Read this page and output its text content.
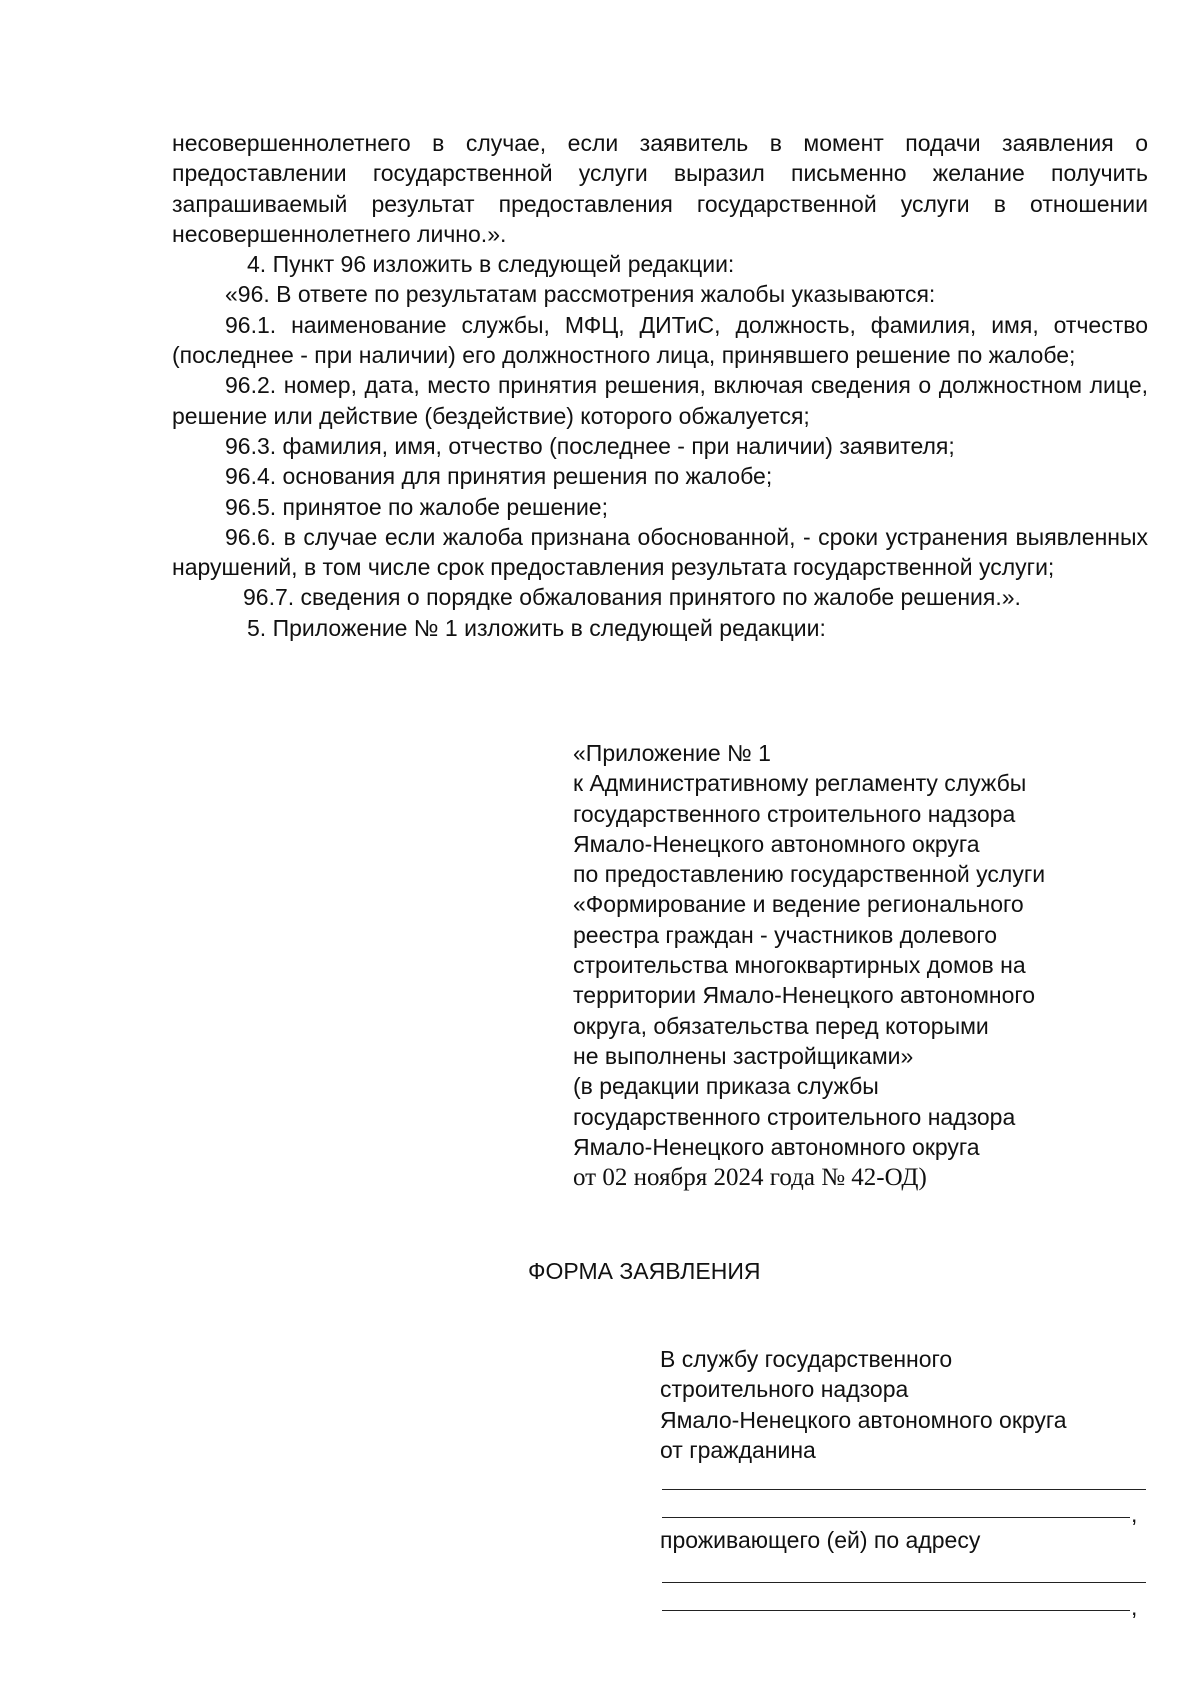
несовершеннолетнего в случае, если заявитель в момент подачи заявления о предоставлении государственной услуги выразил письменно желание получить запрашиваемый результат предоставления государственной услуги в отношении несовершеннолетнего лично.».

4. Пункт 96 изложить в следующей редакции:

«96. В ответе по результатам рассмотрения жалобы указываются:

96.1. наименование службы, МФЦ, ДИТиС, должность, фамилия, имя, отчество (последнее - при наличии) его должностного лица, принявшего решение по жалобе;

96.2. номер, дата, место принятия решения, включая сведения о должностном лице, решение или действие (бездействие) которого обжалуется;

96.3. фамилия, имя, отчество (последнее - при наличии) заявителя;

96.4. основания для принятия решения по жалобе;

96.5. принятое по жалобе решение;

96.6. в случае если жалоба признана обоснованной, - сроки устранения выявленных нарушений, в том числе срок предоставления результата государственной услуги;

96.7. сведения о порядке обжалования принятого по жалобе решения.».

5. Приложение № 1 изложить в следующей редакции:

«Приложение № 1
к Административному регламенту службы
государственного строительного надзора
Ямало-Ненецкого автономного округа
по предоставлению государственной услуги
«Формирование и ведение регионального
реестра граждан - участников долевого
строительства многоквартирных домов на
территории Ямало-Ненецкого автономного
округа, обязательства перед которыми
не выполнены застройщиками»
(в редакции приказа службы
государственного строительного надзора
Ямало-Ненецкого автономного округа
от 02 ноября 2024 года № 42-ОД)
ФОРМА ЗАЯВЛЕНИЯ
В службу государственного
строительного надзора
Ямало-Ненецкого автономного округа
от гражданина
,
проживающего (ей) по адресу
,
